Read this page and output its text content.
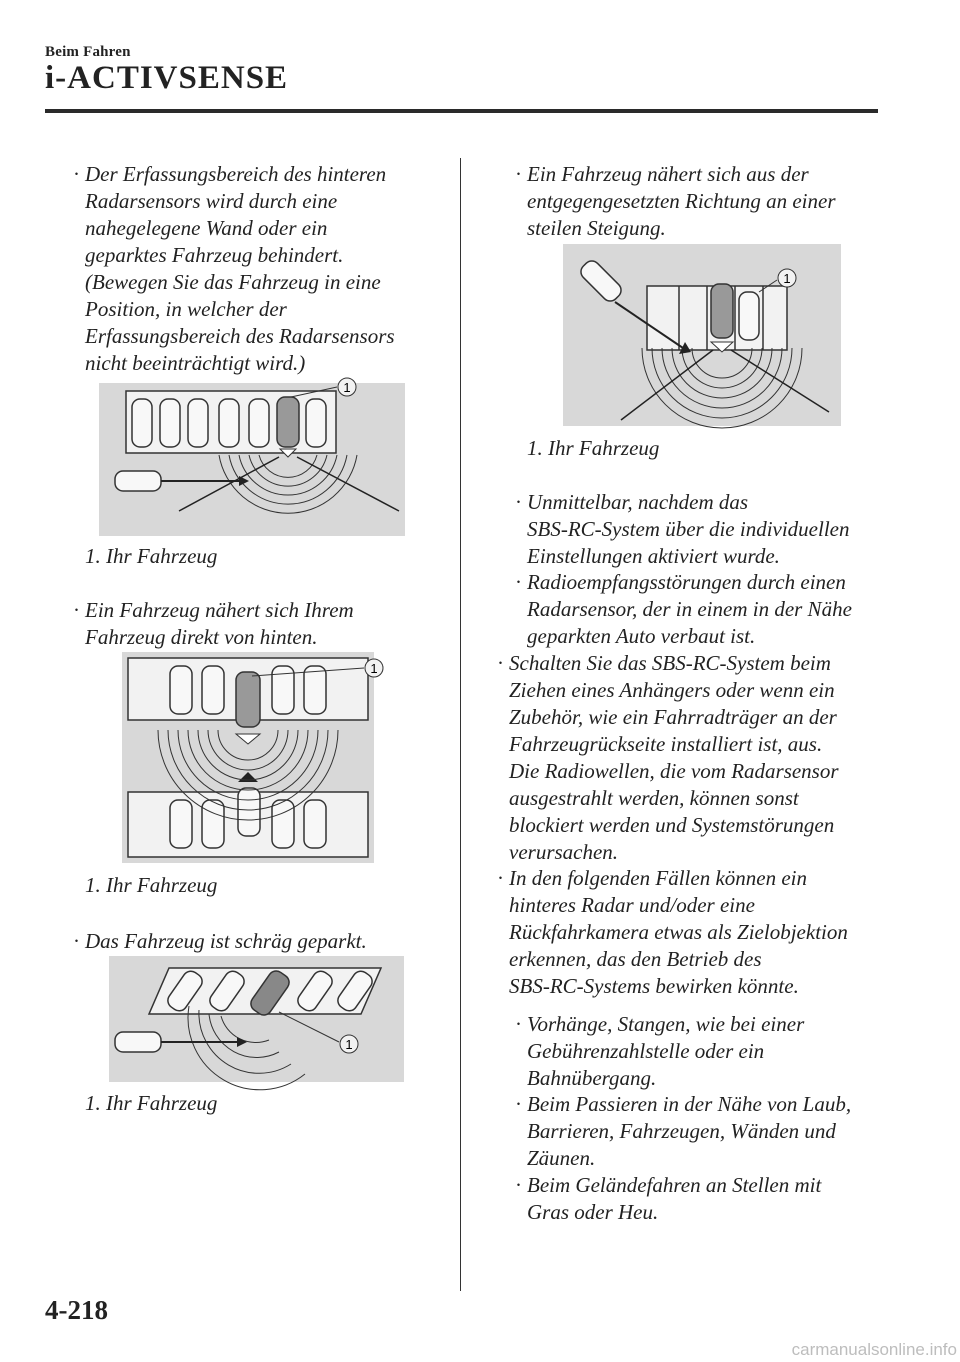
Beim Fahren
i-ACTIVSENSE
· Der Erfassungsbereich des hinteren
Radarsensors wird durch eine
nahegelegene Wand oder ein
geparktes Fahrzeug behindert.
(Bewegen Sie das Fahrzeug in eine
Position, in welcher der
Erfassungsbereich des Radarsensors
nicht beeinträchtigt wird.)
1
1. Ihr Fahrzeug
· Ein Fahrzeug nähert sich Ihrem
Fahrzeug direkt von hinten.
1
1. Ihr Fahrzeug
· Das Fahrzeug ist schräg geparkt.
1
1. Ihr Fahrzeug
· Ein Fahrzeug nähert sich aus der
entgegengesetzten Richtung an einer
steilen Steigung.
1
1. Ihr Fahrzeug
· Unmittelbar, nachdem das
SBS-RC-System über die individuellen
Einstellungen aktiviert wurde.
· Radioempfangsstörungen durch einen
Radarsensor, der in einem in der Nähe
geparkten Auto verbaut ist.
· Schalten Sie das SBS-RC-System beim
Ziehen eines Anhängers oder wenn ein
Zubehör, wie ein Fahrradträger an der
Fahrzeugrückseite installiert ist, aus.
Die Radiowellen, die vom Radarsensor
ausgestrahlt werden, können sonst
blockiert werden und Systemstörungen
verursachen.
· In den folgenden Fällen können ein
hinteres Radar und/oder eine
Rückfahrkamera etwas als Zielobjektion
erkennen, das den Betrieb des
SBS-RC-Systems bewirken könnte.
· Vorhänge, Stangen, wie bei einer
Gebührenzahlstelle oder ein
Bahnübergang.
· Beim Passieren in der Nähe von Laub,
Barrieren, Fahrzeugen, Wänden und
Zäunen.
· Beim Geländefahren an Stellen mit
Gras oder Heu.
4-218
carmanualsonline.info
